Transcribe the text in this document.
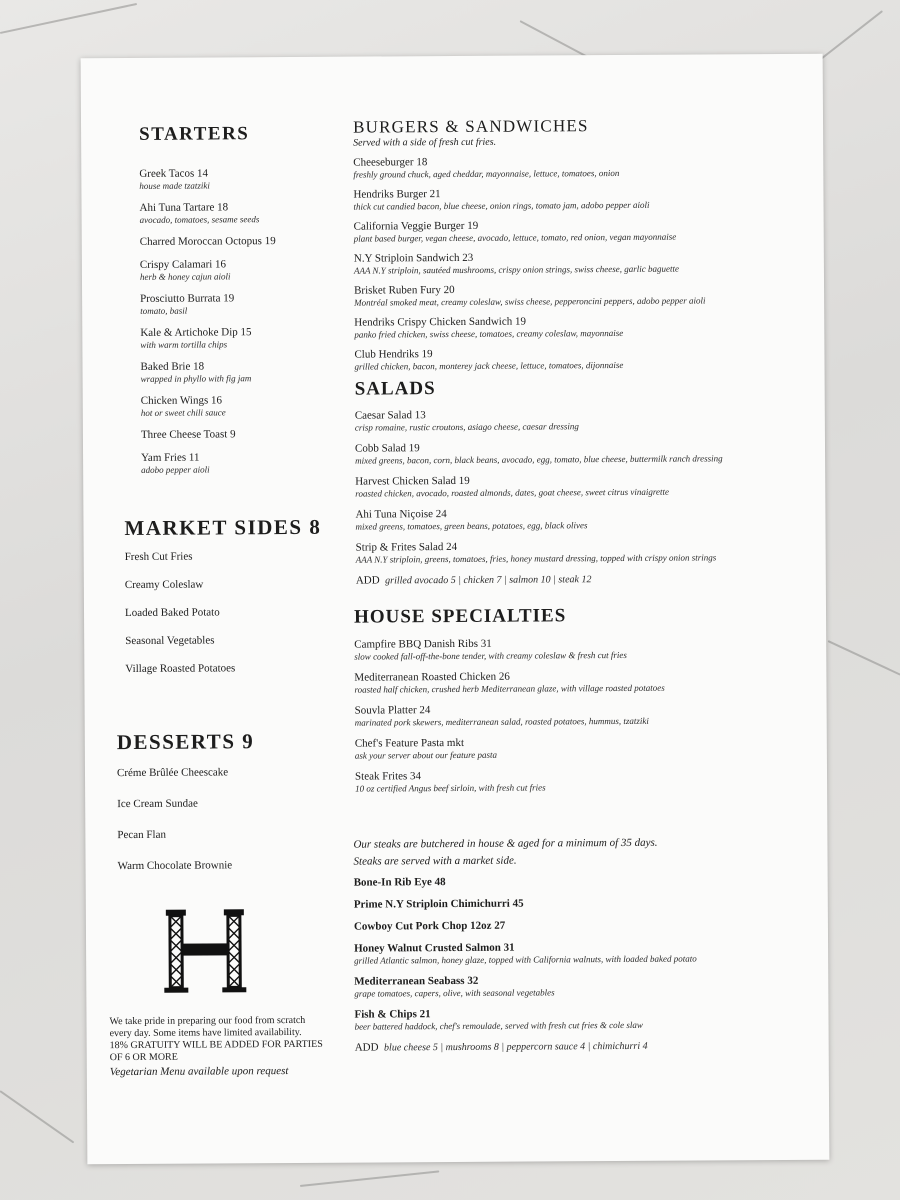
STARTERS
Greek Tacos 14
house made tzatziki
Ahi Tuna Tartare 18
avocado, tomatoes, sesame seeds
Charred Moroccan Octopus 19
Crispy Calamari 16
herb & honey cajun aioli
Prosciutto Burrata 19
tomato, basil
Kale & Artichoke Dip 15
with warm tortilla chips
Baked Brie 18
wrapped in phyllo with fig jam
Chicken Wings 16
hot or sweet chili sauce
Three Cheese Toast 9
Yam Fries 11
adobo pepper aioli
MARKET SIDES 8
Fresh Cut Fries
Creamy Coleslaw
Loaded Baked Potato
Seasonal Vegetables
Village Roasted Potatoes
DESSERTS 9
Créme Brûlée Cheescake
Ice Cream Sundae
Pecan Flan
Warm Chocolate Brownie
We take pride in preparing our food from scratch
every day. Some items have limited availability.
18% GRATUITY WILL BE ADDED FOR PARTIES
OF 6 OR MORE
Vegetarian Menu available upon request
BURGERS & SANDWICHES
Served with a side of fresh cut fries.
Cheeseburger 18
freshly ground chuck, aged cheddar, mayonnaise, lettuce, tomatoes, onion
Hendriks Burger 21
thick cut candied bacon, blue cheese, onion rings, tomato jam, adobo pepper aioli
California Veggie Burger 19
plant based burger, vegan cheese, avocado, lettuce, tomato, red onion, vegan mayonnaise
N.Y Striploin Sandwich 23
AAA N.Y striploin, sautéed mushrooms, crispy onion strings, swiss cheese, garlic baguette
Brisket Ruben Fury 20
Montréal smoked meat, creamy coleslaw, swiss cheese, pepperoncini peppers, adobo pepper aioli
Hendriks Crispy Chicken Sandwich 19
panko fried chicken, swiss cheese, tomatoes, creamy coleslaw, mayonnaise
Club Hendriks 19
grilled chicken, bacon, monterey jack cheese, lettuce, tomatoes, dijonnaise
SALADS
Caesar Salad 13
crisp romaine, rustic croutons, asiago cheese, caesar dressing
Cobb Salad 19
mixed greens, bacon, corn, black beans, avocado, egg, tomato, blue cheese, buttermilk ranch dressing
Harvest Chicken Salad 19
roasted chicken, avocado, roasted almonds, dates, goat cheese, sweet citrus vinaigrette
Ahi Tuna Niçoise 24
mixed greens, tomatoes, green beans, potatoes, egg, black olives
Strip & Frites Salad 24
AAA N.Y striploin, greens, tomatoes, fries, honey mustard dressing, topped with crispy onion strings
ADD grilled avocado 5 | chicken 7 | salmon 10 | steak 12
HOUSE SPECIALTIES
Campfire BBQ Danish Ribs 31
slow cooked fall-off-the-bone tender, with creamy coleslaw & fresh cut fries
Mediterranean Roasted Chicken 26
roasted half chicken, crushed herb Mediterranean glaze, with village roasted potatoes
Souvla Platter 24
marinated pork skewers, mediterranean salad, roasted potatoes, hummus, tzatziki
Chef's Feature Pasta mkt
ask your server about our feature pasta
Steak Frites 34
10 oz certified Angus beef sirloin, with fresh cut fries
Our steaks are butchered in house & aged for a minimum of 35 days.
Steaks are served with a market side.
Bone-In Rib Eye 48
Prime N.Y Striploin Chimichurri 45
Cowboy Cut Pork Chop 12oz 27
Honey Walnut Crusted Salmon 31
grilled Atlantic salmon, honey glaze, topped with California walnuts, with loaded baked potato
Mediterranean Seabass 32
grape tomatoes, capers, olive, with seasonal vegetables
Fish & Chips 21
beer battered haddock, chef's remoulade, served with fresh cut fries & cole slaw
ADD blue cheese 5 | mushrooms 8 | peppercorn sauce 4 | chimichurri 4
